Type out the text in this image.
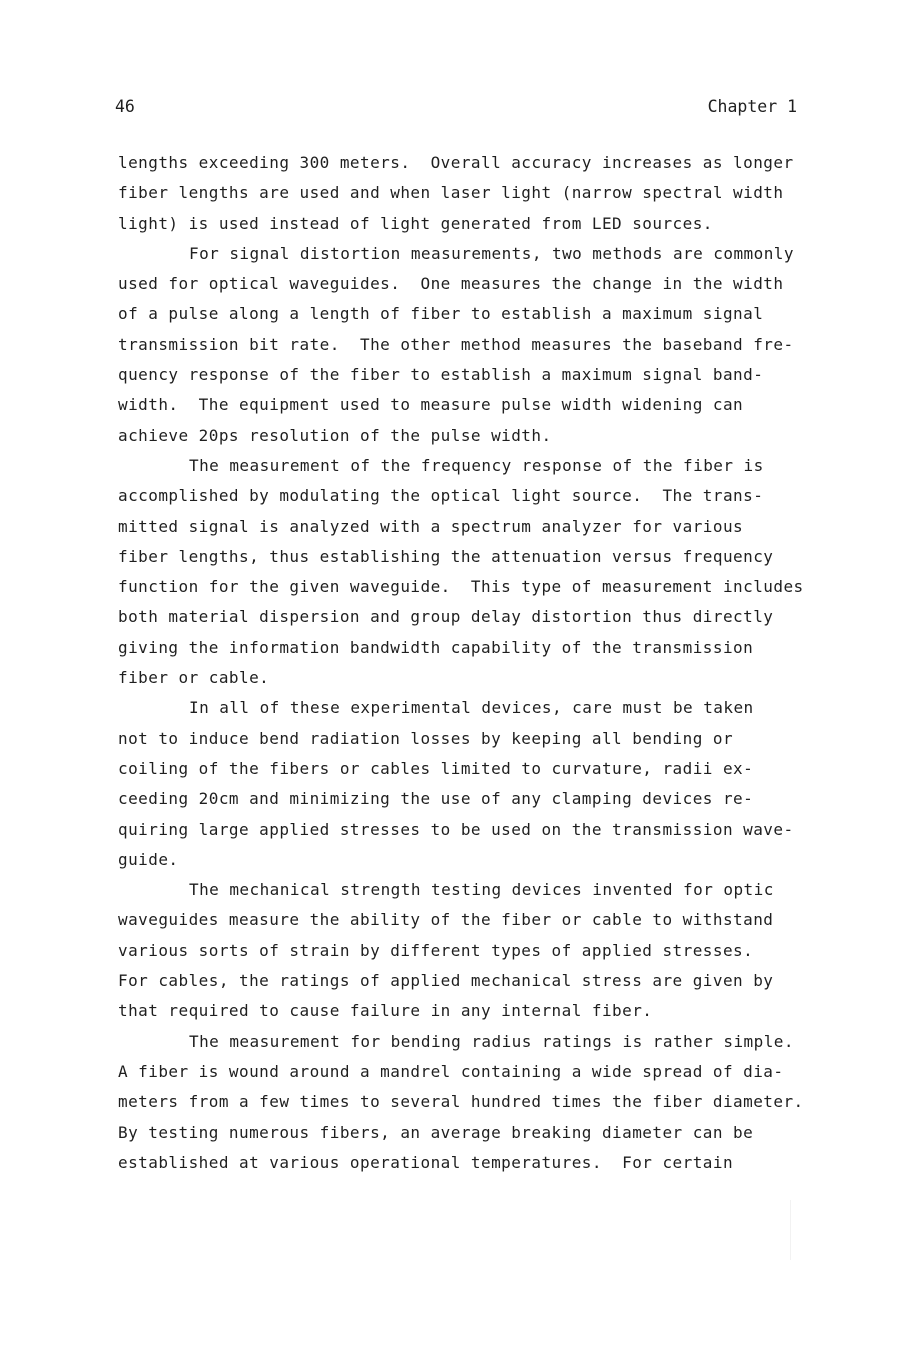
46	Chapter 1
lengths exceeding 300 meters.  Overall accuracy increases as longer
fiber lengths are used and when laser light (narrow spectral width
light) is used instead of light generated from LED sources.
For signal distortion measurements, two methods are commonly
used for optical waveguides.  One measures the change in the width
of a pulse along a length of fiber to establish a maximum signal
transmission bit rate.  The other method measures the baseband fre-
quency response of the fiber to establish a maximum signal band-
width.  The equipment used to measure pulse width widening can
achieve 20ps resolution of the pulse width.
The measurement of the frequency response of the fiber is
accomplished by modulating the optical light source.  The trans-
mitted signal is analyzed with a spectrum analyzer for various
fiber lengths, thus establishing the attenuation versus frequency
function for the given waveguide.  This type of measurement includes
both material dispersion and group delay distortion thus directly
giving the information bandwidth capability of the transmission
fiber or cable.
In all of these experimental devices, care must be taken
not to induce bend radiation losses by keeping all bending or
coiling of the fibers or cables limited to curvature, radii ex-
ceeding 20cm and minimizing the use of any clamping devices re-
quiring large applied stresses to be used on the transmission wave-
guide.
The mechanical strength testing devices invented for optic
waveguides measure the ability of the fiber or cable to withstand
various sorts of strain by different types of applied stresses.
For cables, the ratings of applied mechanical stress are given by
that required to cause failure in any internal fiber.
The measurement for bending radius ratings is rather simple.
A fiber is wound around a mandrel containing a wide spread of dia-
meters from a few times to several hundred times the fiber diameter.
By testing numerous fibers, an average breaking diameter can be
established at various operational temperatures.  For certain
